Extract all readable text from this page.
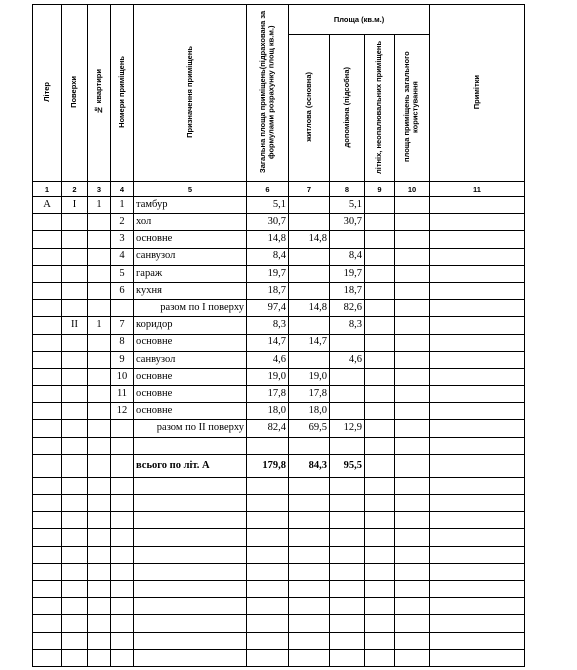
Літер	Поверхи	№ квартири	Номери приміщень	Призначення приміщень	Загальна площа приміщень(підрахована за формулами розрахунку площ кв.м.)	Площа (кв.м.)				Примітки
						житлова (основна)	допоміжна (підсобна)	літніх, неопалювальних приміщень	площа приміщень загального користування	
1	2	3	4	5	6	7	8	9	10	11
А	I	1	1	тамбур	5,1		5,1			
			2	хол	30,7		30,7			
			3	основне	14,8	14,8				
			4	санвузол	8,4		8,4			
			5	гараж	19,7		19,7			
			6	кухня	18,7		18,7			
				разом по I поверху	97,4	14,8	82,6			
	II	1	7	коридор	8,3		8,3			
			8	основне	14,7	14,7				
			9	санвузол	4,6		4,6			
			10	основне	19,0	19,0				
			11	основне	17,8	17,8				
			12	основне	18,0	18,0				
				разом по II поверху	82,4	69,5	12,9			

				всього по літ. А	179,8	84,3	95,5			
